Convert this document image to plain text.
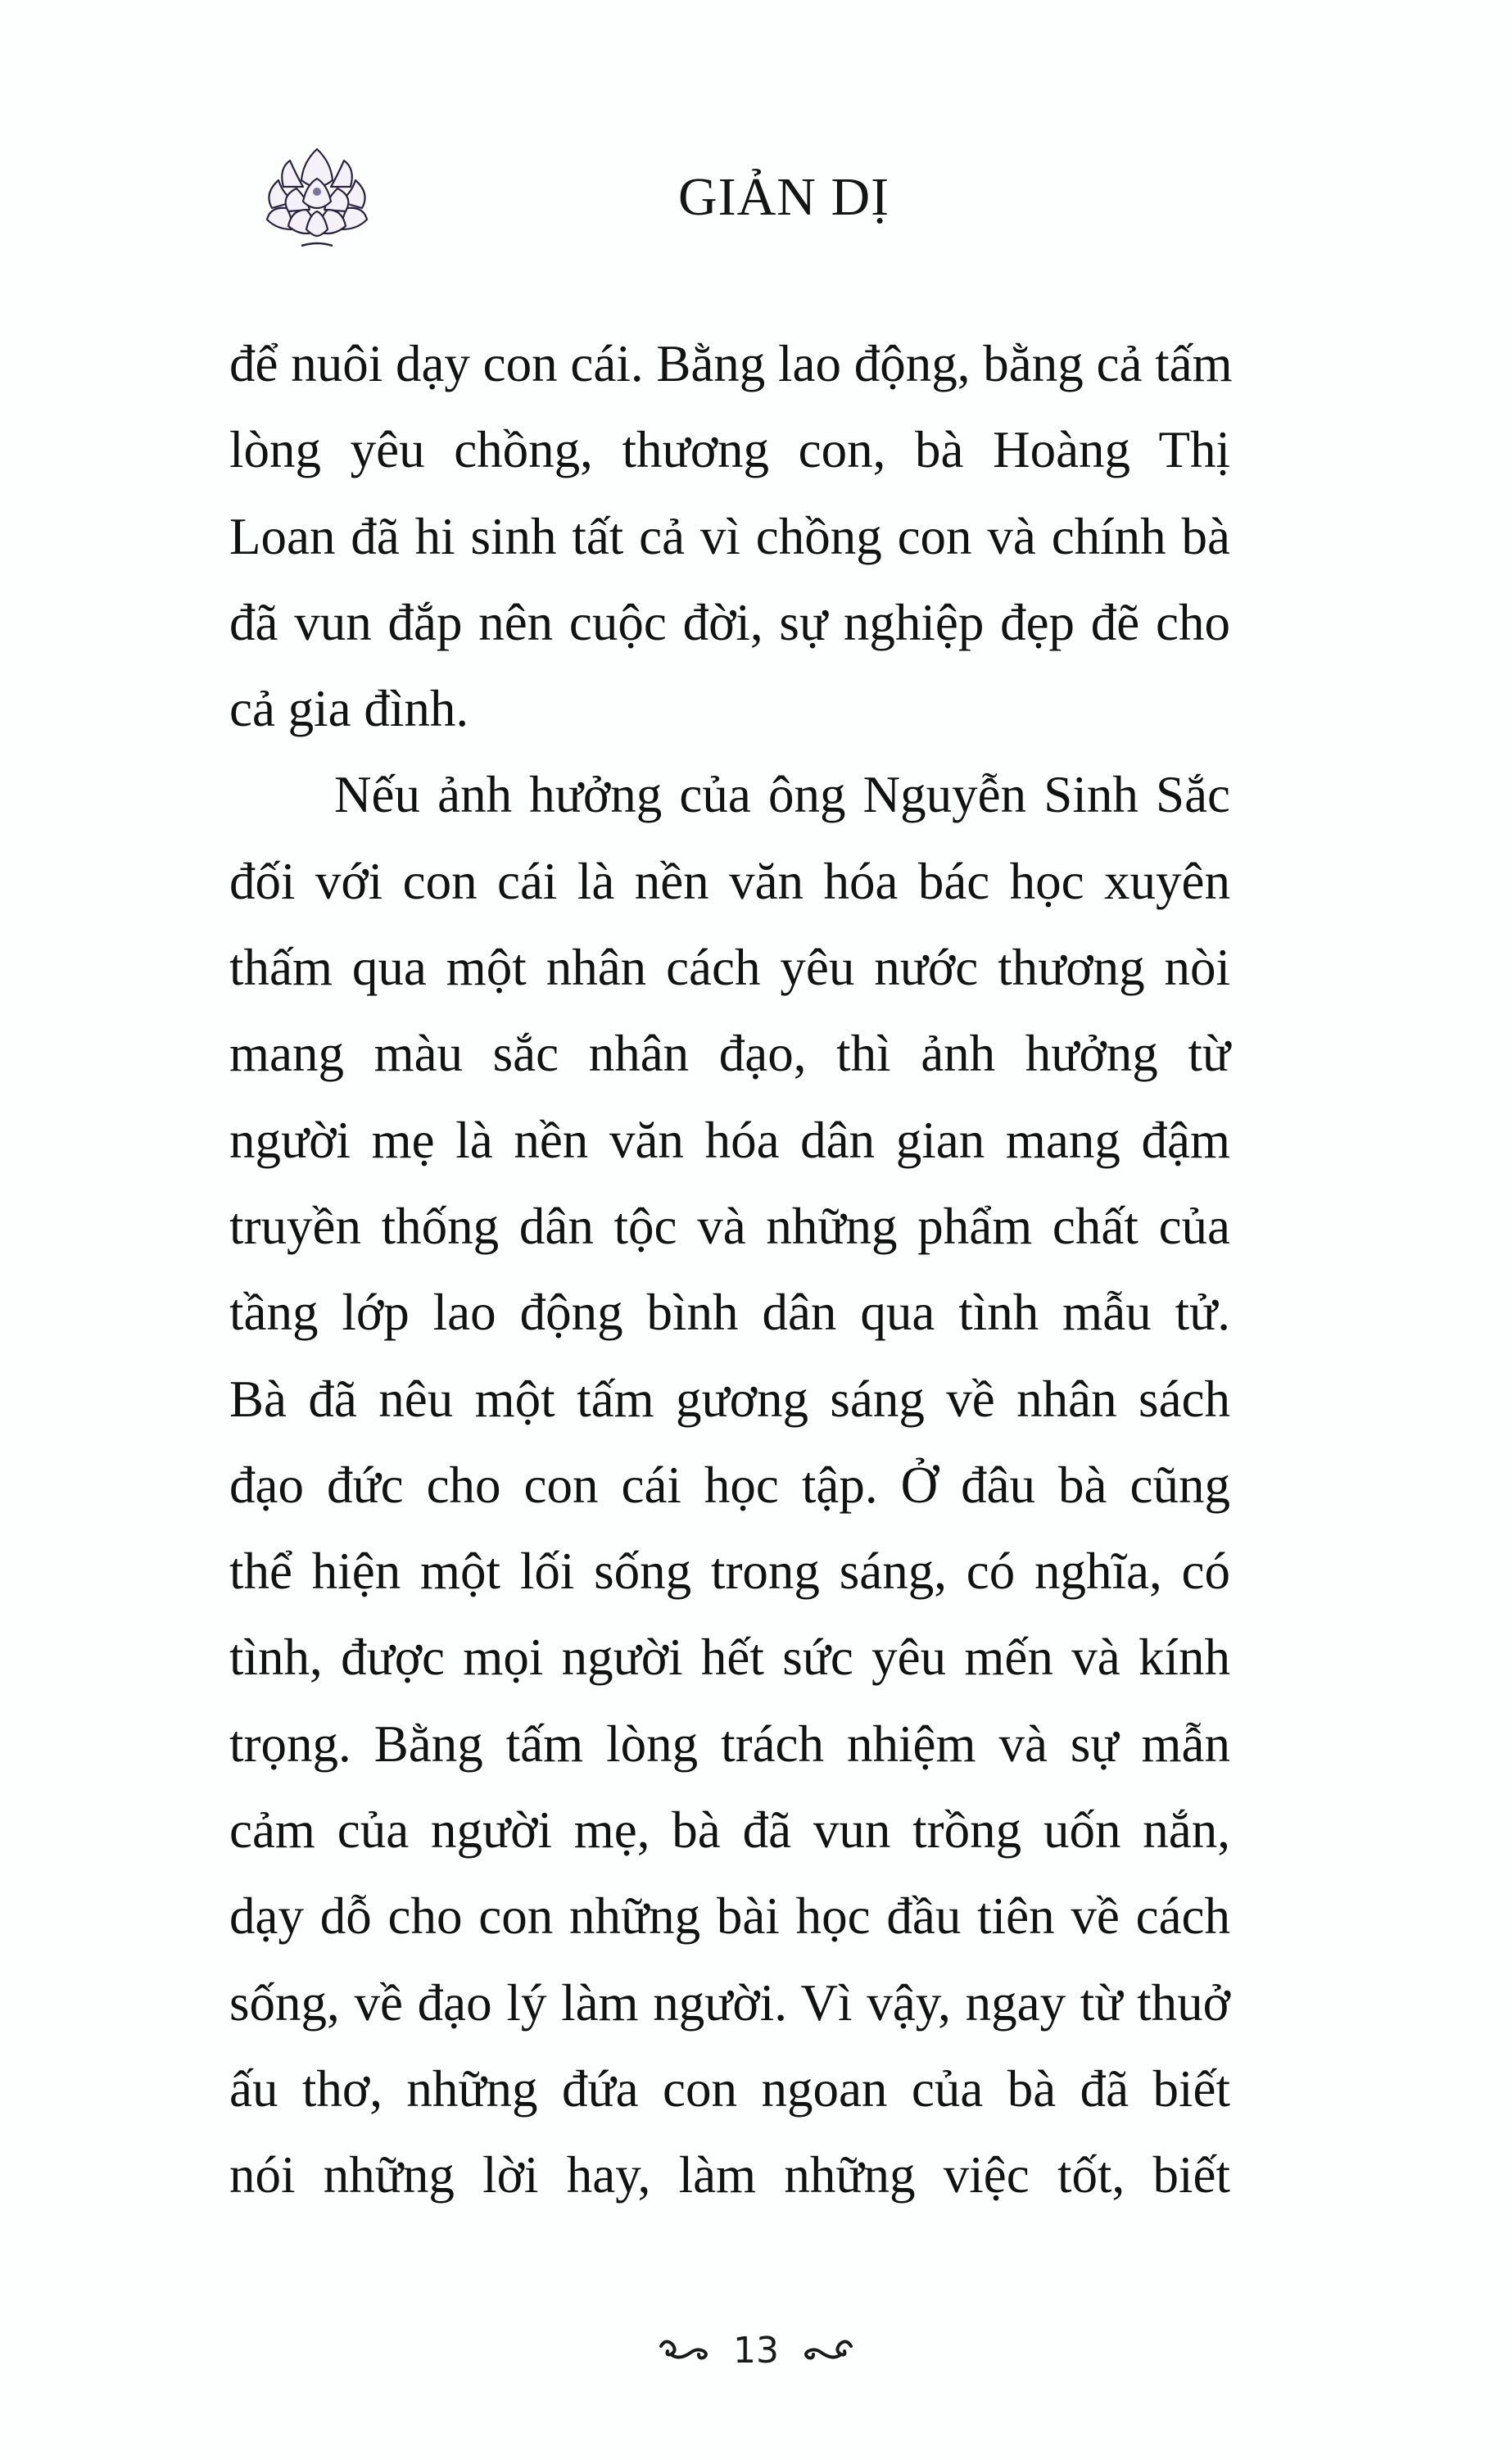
GIẢN DỊ
để nuôi dạy con cái. Bằng lao động, bằng cả tấm
lòng yêu chồng, thương con, bà Hoàng Thị
Loan đã hi sinh tất cả vì chồng con và chính bà
đã vun đắp nên cuộc đời, sự nghiệp đẹp đẽ cho
cả gia đình.
Nếu ảnh hưởng của ông Nguyễn Sinh Sắc
đối với con cái là nền văn hóa bác học xuyên
thấm qua một nhân cách yêu nước thương nòi
mang màu sắc nhân đạo, thì ảnh hưởng từ
người mẹ là nền văn hóa dân gian mang đậm
truyền thống dân tộc và những phẩm chất của
tầng lớp lao động bình dân qua tình mẫu tử.
Bà đã nêu một tấm gương sáng về nhân sách
đạo đức cho con cái học tập. Ở đâu bà cũng
thể hiện một lối sống trong sáng, có nghĩa, có
tình, được mọi người hết sức yêu mến và kính
trọng. Bằng tấm lòng trách nhiệm và sự mẫn
cảm của người mẹ, bà đã vun trồng uốn nắn,
dạy dỗ cho con những bài học đầu tiên về cách
sống, về đạo lý làm người. Vì vậy, ngay từ thuở
ấu thơ, những đứa con ngoan của bà đã biết
nói những lời hay, làm những việc tốt, biết
13
